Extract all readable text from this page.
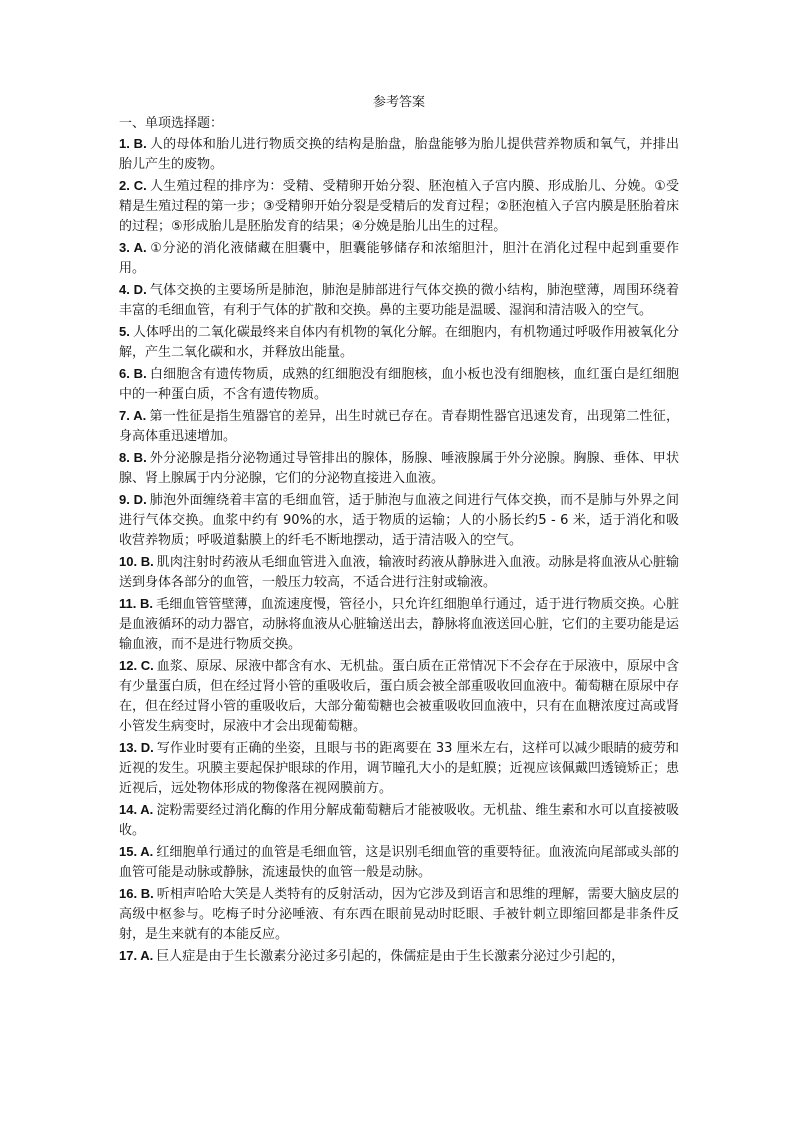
参考答案
一、单项选择题：
1. B. 人的母体和胎儿进行物质交换的结构是胎盘，胎盘能够为胎儿提供营养物质和氧气，并排出胎儿产生的废物。
2. C. 人生殖过程的排序为：受精、受精卵开始分裂、胚泡植入子宫内膜、形成胎儿、分娩。①受精是生殖过程的第一步；③受精卵开始分裂是受精后的发育过程；②胚泡植入子宫内膜是胚胎着床的过程；⑤形成胎儿是胚胎发育的结果；④分娩是胎儿出生的过程。
3. A. ①分泌的消化液储藏在胆囊中，胆囊能够储存和浓缩胆汁，胆汁在消化过程中起到重要作用。
4. D. 气体交换的主要场所是肺泡，肺泡是肺部进行气体交换的微小结构，肺泡壁薄，周围环绕着丰富的毛细血管，有利于气体的扩散和交换。鼻的主要功能是温暖、湿润和清洁吸入的空气。
5. 人体呼出的二氧化碳最终来自体内有机物的氧化分解。在细胞内，有机物通过呼吸作用被氧化分解，产生二氧化碳和水，并释放出能量。
6. B. 白细胞含有遗传物质，成熟的红细胞没有细胞核，血小板也没有细胞核，血红蛋白是红细胞中的一种蛋白质，不含有遗传物质。
7. A. 第一性征是指生殖器官的差异，出生时就已存在。青春期性器官迅速发育，出现第二性征，身高体重迅速增加。
8. B. 外分泌腺是指分泌物通过导管排出的腺体，肠腺、唾液腺属于外分泌腺。胸腺、垂体、甲状腺、肾上腺属于内分泌腺，它们的分泌物直接进入血液。
9. D. 肺泡外面缠绕着丰富的毛细血管，适于肺泡与血液之间进行气体交换，而不是肺与外界之间进行气体交换。血浆中约有 90%的水，适于物质的运输；人的小肠长约5 - 6 米，适于消化和吸收营养物质；呼吸道黏膜上的纤毛不断地摆动，适于清洁吸入的空气。
10. B. 肌肉注射时药液从毛细血管进入血液，输液时药液从静脉进入血液。动脉是将血液从心脏输送到身体各部分的血管，一般压力较高，不适合进行注射或输液。
11. B. 毛细血管管壁薄，血流速度慢，管径小，只允许红细胞单行通过，适于进行物质交换。心脏是血液循环的动力器官，动脉将血液从心脏输送出去，静脉将血液送回心脏，它们的主要功能是运输血液，而不是进行物质交换。
12. C. 血浆、原尿、尿液中都含有水、无机盐。蛋白质在正常情况下不会存在于尿液中，原尿中含有少量蛋白质，但在经过肾小管的重吸收后，蛋白质会被全部重吸收回血液中。葡萄糖在原尿中存在，但在经过肾小管的重吸收后，大部分葡萄糖也会被重吸收回血液中，只有在血糖浓度过高或肾小管发生病变时，尿液中才会出现葡萄糖。
13. D. 写作业时要有正确的坐姿，且眼与书的距离要在 33 厘米左右，这样可以减少眼睛的疲劳和近视的发生。巩膜主要起保护眼球的作用，调节瞳孔大小的是虹膜；近视应该佩戴凹透镜矫正；患近视后，远处物体形成的物像落在视网膜前方。
14. A. 淀粉需要经过消化酶的作用分解成葡萄糖后才能被吸收。无机盐、维生素和水可以直接被吸收。
15. A. 红细胞单行通过的血管是毛细血管，这是识别毛细血管的重要特征。血液流向尾部或头部的血管可能是动脉或静脉，流速最快的血管一般是动脉。
16. B. 听相声哈哈大笑是人类特有的反射活动，因为它涉及到语言和思维的理解，需要大脑皮层的高级中枢参与。吃梅子时分泌唾液、有东西在眼前晃动时眨眼、手被针刺立即缩回都是非条件反射，是生来就有的本能反应。
17. A. 巨人症是由于生长激素分泌过多引起的，侏儒症是由于生长激素分泌过少引起的，
